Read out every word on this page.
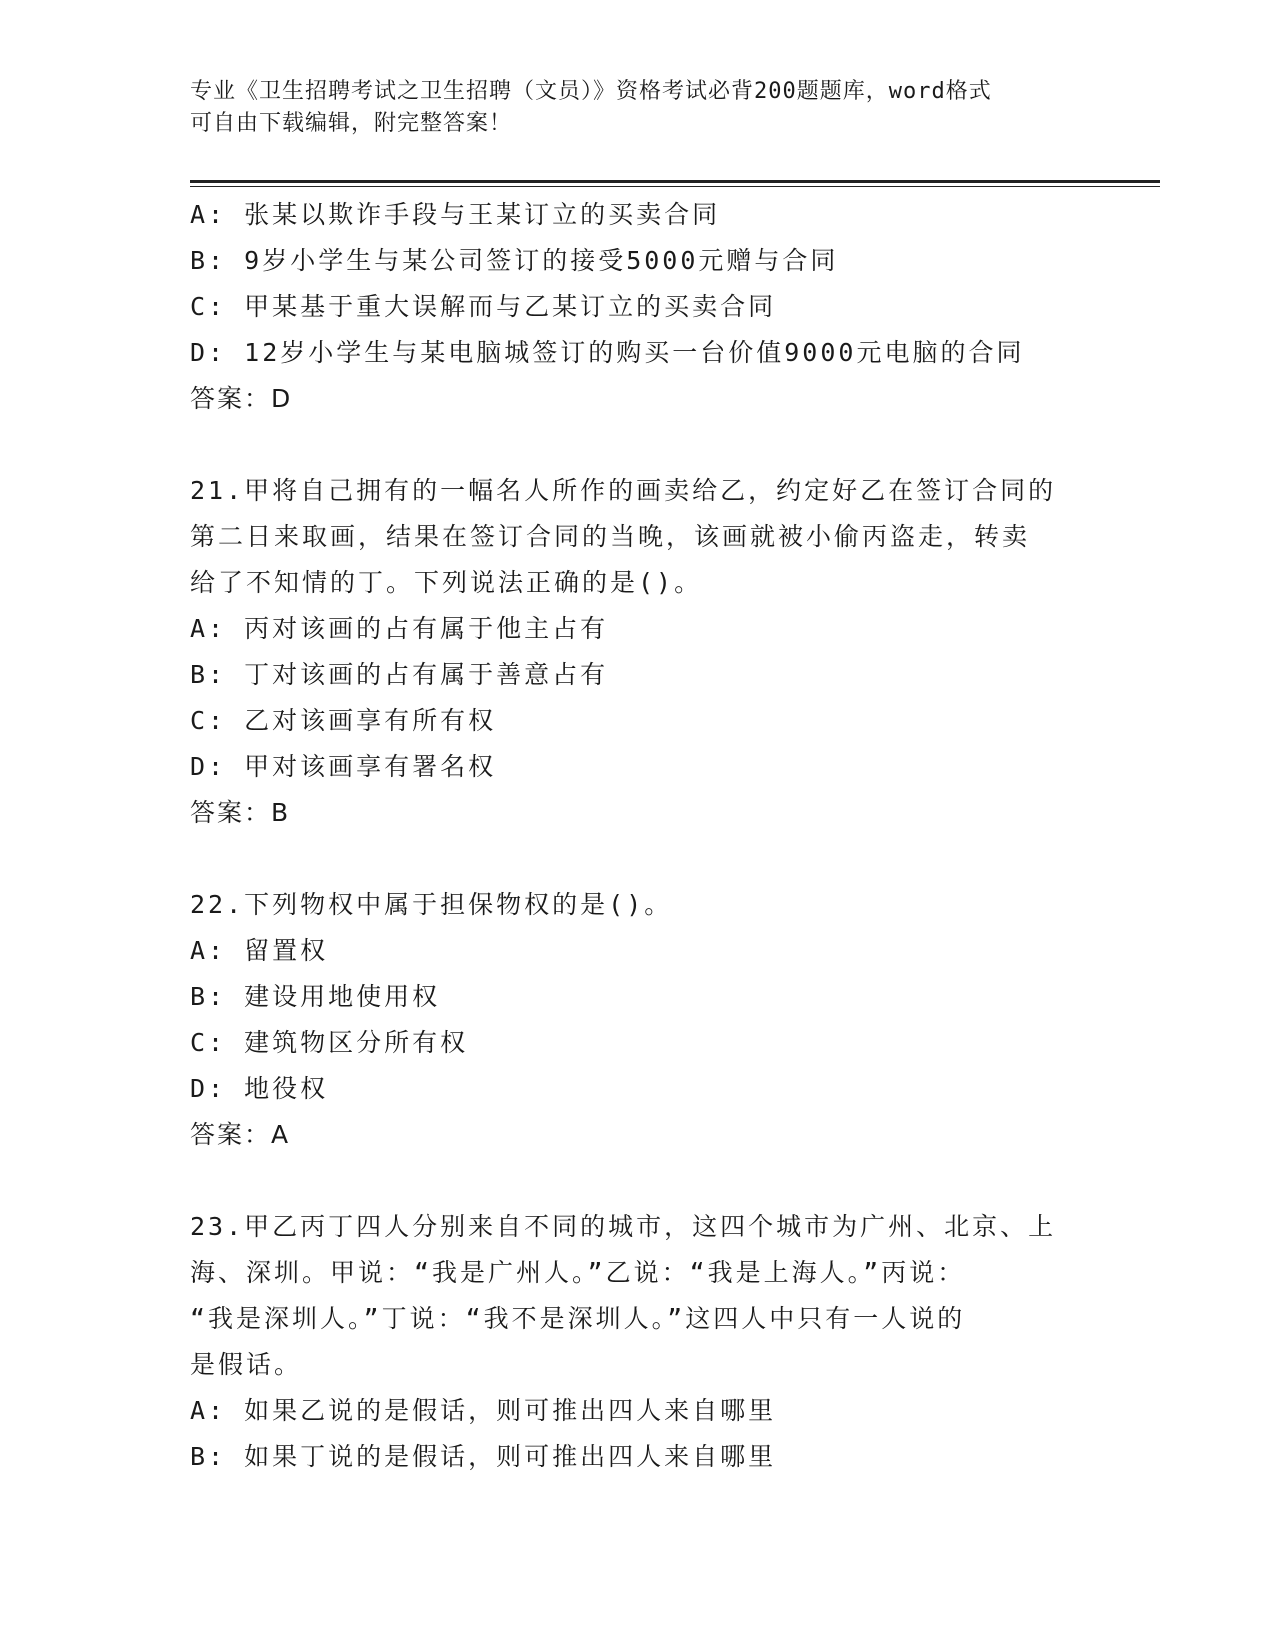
专业《卫生招聘考试之卫生招聘（文员）》资格考试必背200题题库，word格式
可自由下载编辑，附完整答案！
A: 张某以欺诈手段与王某订立的买卖合同
B: 9岁小学生与某公司签订的接受5000元赠与合同
C: 甲某基于重大误解而与乙某订立的买卖合同
D: 12岁小学生与某电脑城签订的购买一台价值9000元电脑的合同
答案：D
21.甲将自己拥有的一幅名人所作的画卖给乙，约定好乙在签订合同的
第二日来取画，结果在签订合同的当晚，该画就被小偷丙盗走，转卖
给了不知情的丁。下列说法正确的是()。
A: 丙对该画的占有属于他主占有
B: 丁对该画的占有属于善意占有
C: 乙对该画享有所有权
D: 甲对该画享有署名权
答案：B
22.下列物权中属于担保物权的是()。
A: 留置权
B: 建设用地使用权
C: 建筑物区分所有权
D: 地役权
答案：A
23.甲乙丙丁四人分别来自不同的城市，这四个城市为广州、北京、上
海、深圳。甲说：“我是广州人。”乙说：“我是上海人。”丙说：
“我是深圳人。”丁说：“我不是深圳人。”这四人中只有一人说的
是假话。
A: 如果乙说的是假话，则可推出四人来自哪里
B: 如果丁说的是假话，则可推出四人来自哪里
